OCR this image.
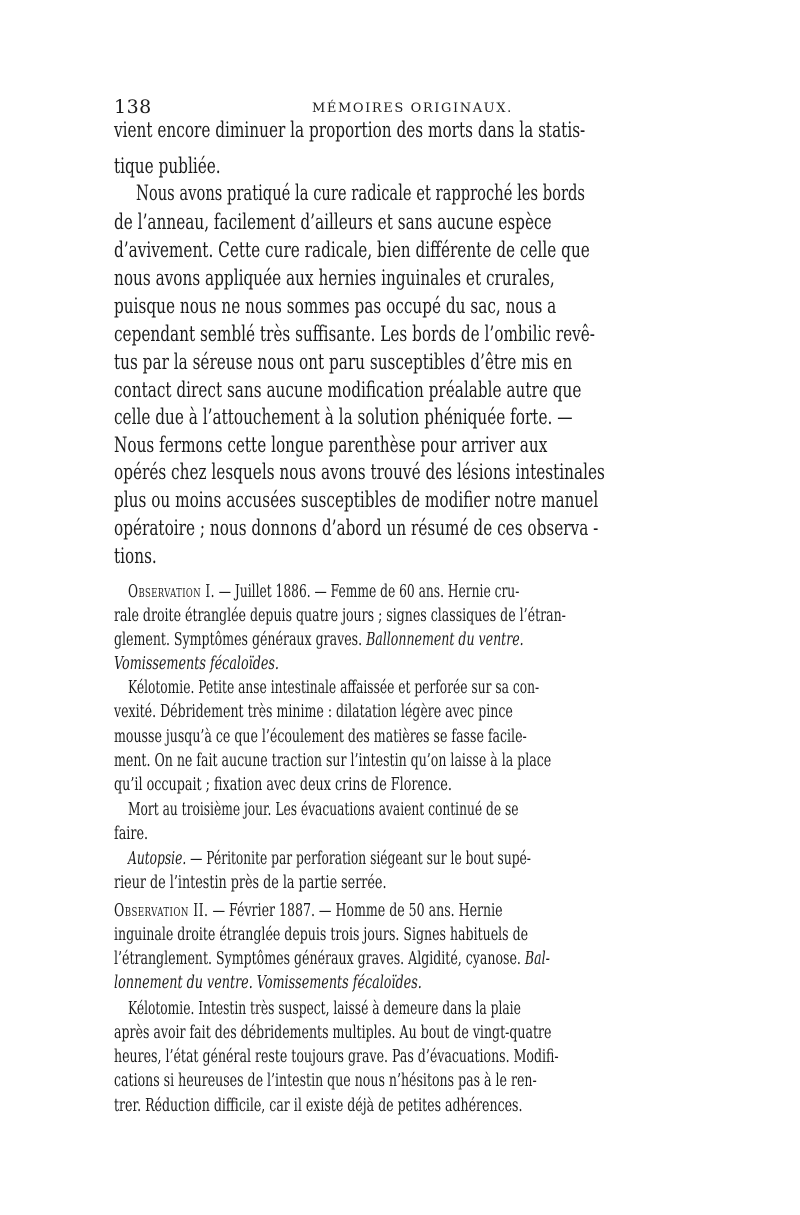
138	MÉMOIRES ORIGINAUX.
vient encore diminuer la proportion des morts dans la statis-
tique publiée.
Nous avons pratiqué la cure radicale et rapproché les bords
de l’anneau, facilement d’ailleurs et sans aucune espèce
d’avivement. Cette cure radicale, bien différente de celle que
nous avons appliquée aux hernies inguinales et crurales,
puisque nous ne nous sommes pas occupé du sac, nous a
cependant semblé très suffisante. Les bords de l’ombilic revê-
tus par la séreuse nous ont paru susceptibles d’être mis en
contact direct sans aucune modification préalable autre que
celle due à l’attouchement à la solution phéniquée forte. —
Nous fermons cette longue parenthèse pour arriver aux
opérés chez lesquels nous avons trouvé des lésions intestinales
plus ou moins accusées susceptibles de modifier notre manuel
opératoire ; nous donnons d’abord un résumé de ces observa -
tions.
Observation I. — Juillet 1886. — Femme de 60 ans. Hernie cru-
rale droite étranglée depuis quatre jours ; signes classiques de l’étran-
glement. Symptômes généraux graves. Ballonnement du ventre.
Vomissements fécaloïdes.
Kélotomie. Petite anse intestinale affaissée et perforée sur sa con-
vexité. Débridement très minime : dilatation légère avec pince
mousse jusqu’à ce que l’écoulement des matières se fasse facile-
ment. On ne fait aucune traction sur l’intestin qu’on laisse à la place
qu’il occupait ; fixation avec deux crins de Florence.
Mort au troisième jour. Les évacuations avaient continué de se
faire.
Autopsie. — Péritonite par perforation siégeant sur le bout supé-
rieur de l’intestin près de la partie serrée.
Observation II. — Février 1887. — Homme de 50 ans. Hernie
inguinale droite étranglée depuis trois jours. Signes habituels de
l’étranglement. Symptômes généraux graves. Algidité, cyanose. Bal-
lonnement du ventre. Vomissements fécaloïdes.
Kélotomie. Intestin très suspect, laissé à demeure dans la plaie
après avoir fait des débridements multiples. Au bout de vingt-quatre
heures, l’état général reste toujours grave. Pas d’évacuations. Modifi-
cations si heureuses de l’intestin que nous n’hésitons pas à le ren-
trer. Réduction difficile, car il existe déjà de petites adhérences.
